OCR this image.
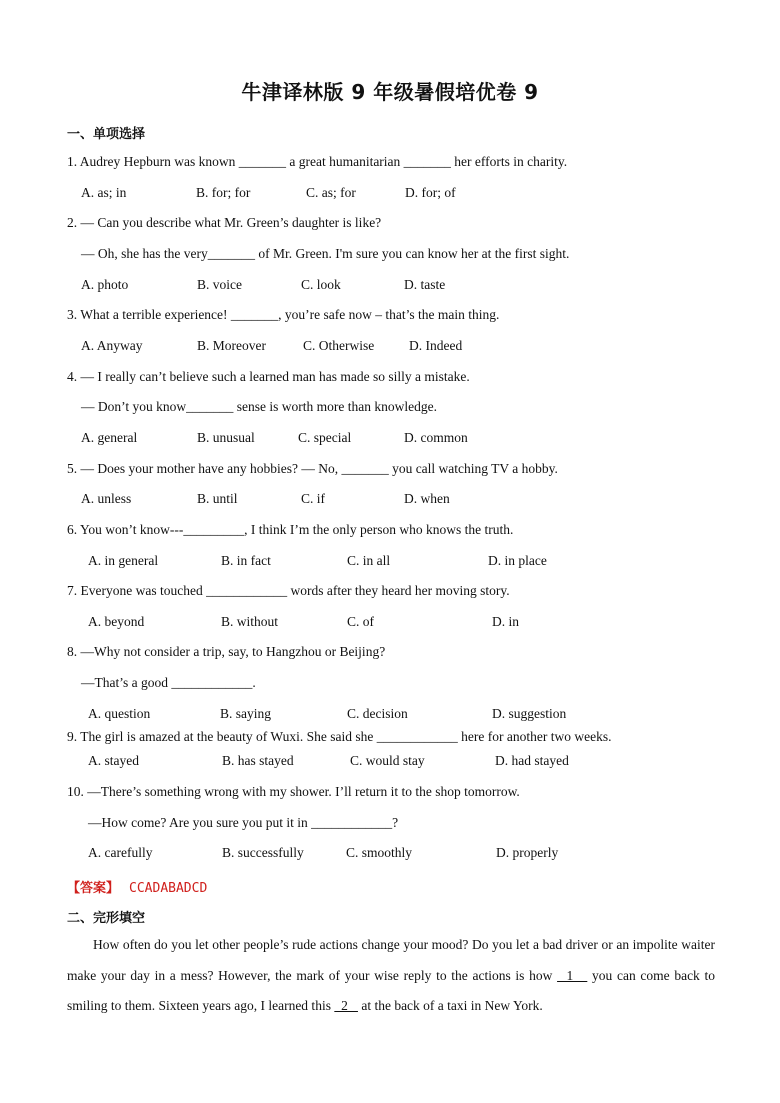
牛津译林版 9 年级暑假培优卷 9
一、单项选择
1. Audrey Hepburn was known _______ a great humanitarian _______ her efforts in charity.
A. as; in	B. for; for	C. as; for	D. for; of
2. — Can you describe what Mr. Green’s daughter is like?
— Oh, she has the very_______ of Mr. Green. I'm sure you can know her at the first sight.
A. photo	B. voice	C. look	D. taste
3. What a terrible experience! _______, you’re safe now – that’s the main thing.
A. Anyway	B. Moreover	C. Otherwise	D. Indeed
4. — I really can’t believe such a learned man has made so silly a mistake.
— Don’t you know_______ sense is worth more than knowledge.
A. general	B. unusual	C. special	D. common
5. — Does your mother have any hobbies? — No, _______ you call watching TV a hobby.
A. unless	B. until	C. if	D. when
6. You won’t know---_________, I think I’m the only person who knows the truth.
A. in general	B. in fact	C. in all	D. in place
7. Everyone was touched ____________ words after they heard her moving story.
A. beyond	B. without	C. of	D. in
8. —Why not consider a trip, say, to Hangzhou or Beijing?
—That’s a good ____________.
A. question	B. saying	C. decision	D. suggestion
9. The girl is amazed at the beauty of Wuxi. She said she ____________ here for another two weeks.
A. stayed	B. has stayed	C. would stay	D. had stayed
10. —There’s something wrong with my shower. I’ll return it to the shop tomorrow.
—How come? Are you sure you put it in ____________?
A. carefully	B. successfully	C. smoothly	D. properly
【答案】 CCADABADCD
二、完形填空
How often do you let other people’s rude actions change your mood? Do you let a bad driver or an impolite waiter make your day in a mess? However, the mark of your wise reply to the actions is how   1    you can come back to smiling to them. Sixteen years ago, I learned this   2    at the back of a taxi in New York.
